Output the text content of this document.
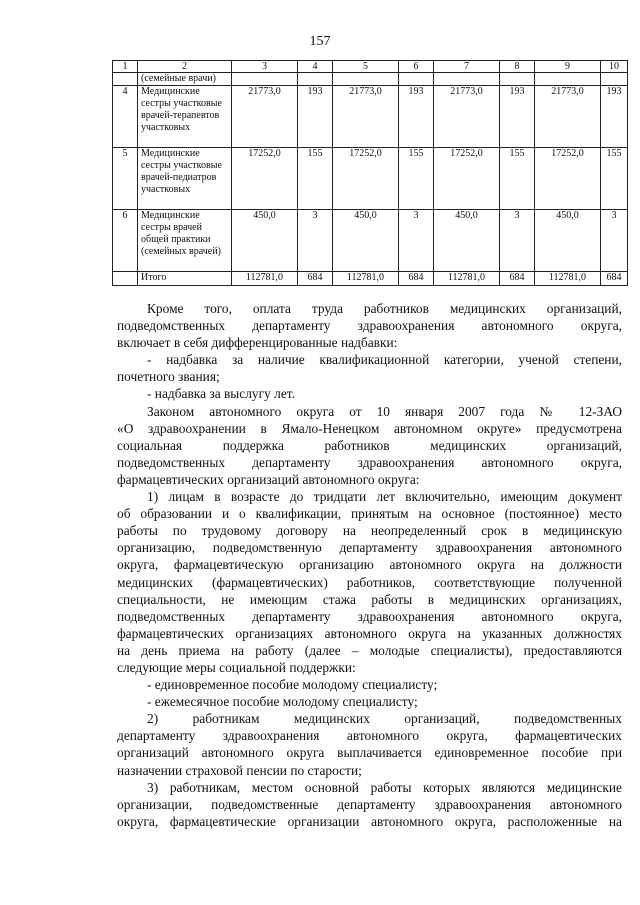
157
1	2	3	4	5	6	7	8	9	10
	(семейные врачи)								
4	Медицинские сестры участковые врачей-терапевтов участковых	21773,0	193	21773,0	193	21773,0	193	21773,0	193
5	Медицинские сестры участковые врачей-педиатров участковых	17252,0	155	17252,0	155	17252,0	155	17252,0	155
6	Медицинские сестры врачей общей практики (семейных врачей)	450,0	3	450,0	3	450,0	3	450,0	3
	Итого	112781,0	684	112781,0	684	112781,0	684	112781,0	684

Кроме того, оплата труда работников медицинских организаций,

подведомственных департаменту здравоохранения автономного округа,

включает в себя дифференцированные надбавки:

- надбавка за наличие квалификационной категории, ученой степени,

почетного звания;

- надбавка за выслугу лет.

Законом автономного округа от 10 января 2007 года № 12-ЗАО

«О здравоохранении в Ямало-Ненецком автономном округе» предусмотрена

социальная поддержка работников медицинских организаций,

подведомственных департаменту здравоохранения автономного округа,

фармацевтических организаций автономного округа:

1) лицам в возрасте до тридцати лет включительно, имеющим документ

об образовании и о квалификации, принятым на основное (постоянное) место

работы по трудовому договору на неопределенный срок в медицинскую

организацию, подведомственную департаменту здравоохранения автономного

округа, фармацевтическую организацию автономного округа на должности

медицинских (фармацевтических) работников, соответствующие полученной

специальности, не имеющим стажа работы в медицинских организациях,

подведомственных департаменту здравоохранения автономного округа,

фармацевтических организациях автономного округа на указанных должностях

на день приема на работу (далее – молодые специалисты), предоставляются

следующие меры социальной поддержки:

- единовременное пособие молодому специалисту;

- ежемесячное пособие молодому специалисту;

2) работникам медицинских организаций, подведомственных

департаменту здравоохранения автономного округа, фармацевтических

организаций автономного округа выплачивается единовременное пособие при

назначении страховой пенсии по старости;

3) работникам, местом основной работы которых являются медицинские

организации, подведомственные департаменту здравоохранения автономного

округа, фармацевтические организации автономного округа, расположенные на
